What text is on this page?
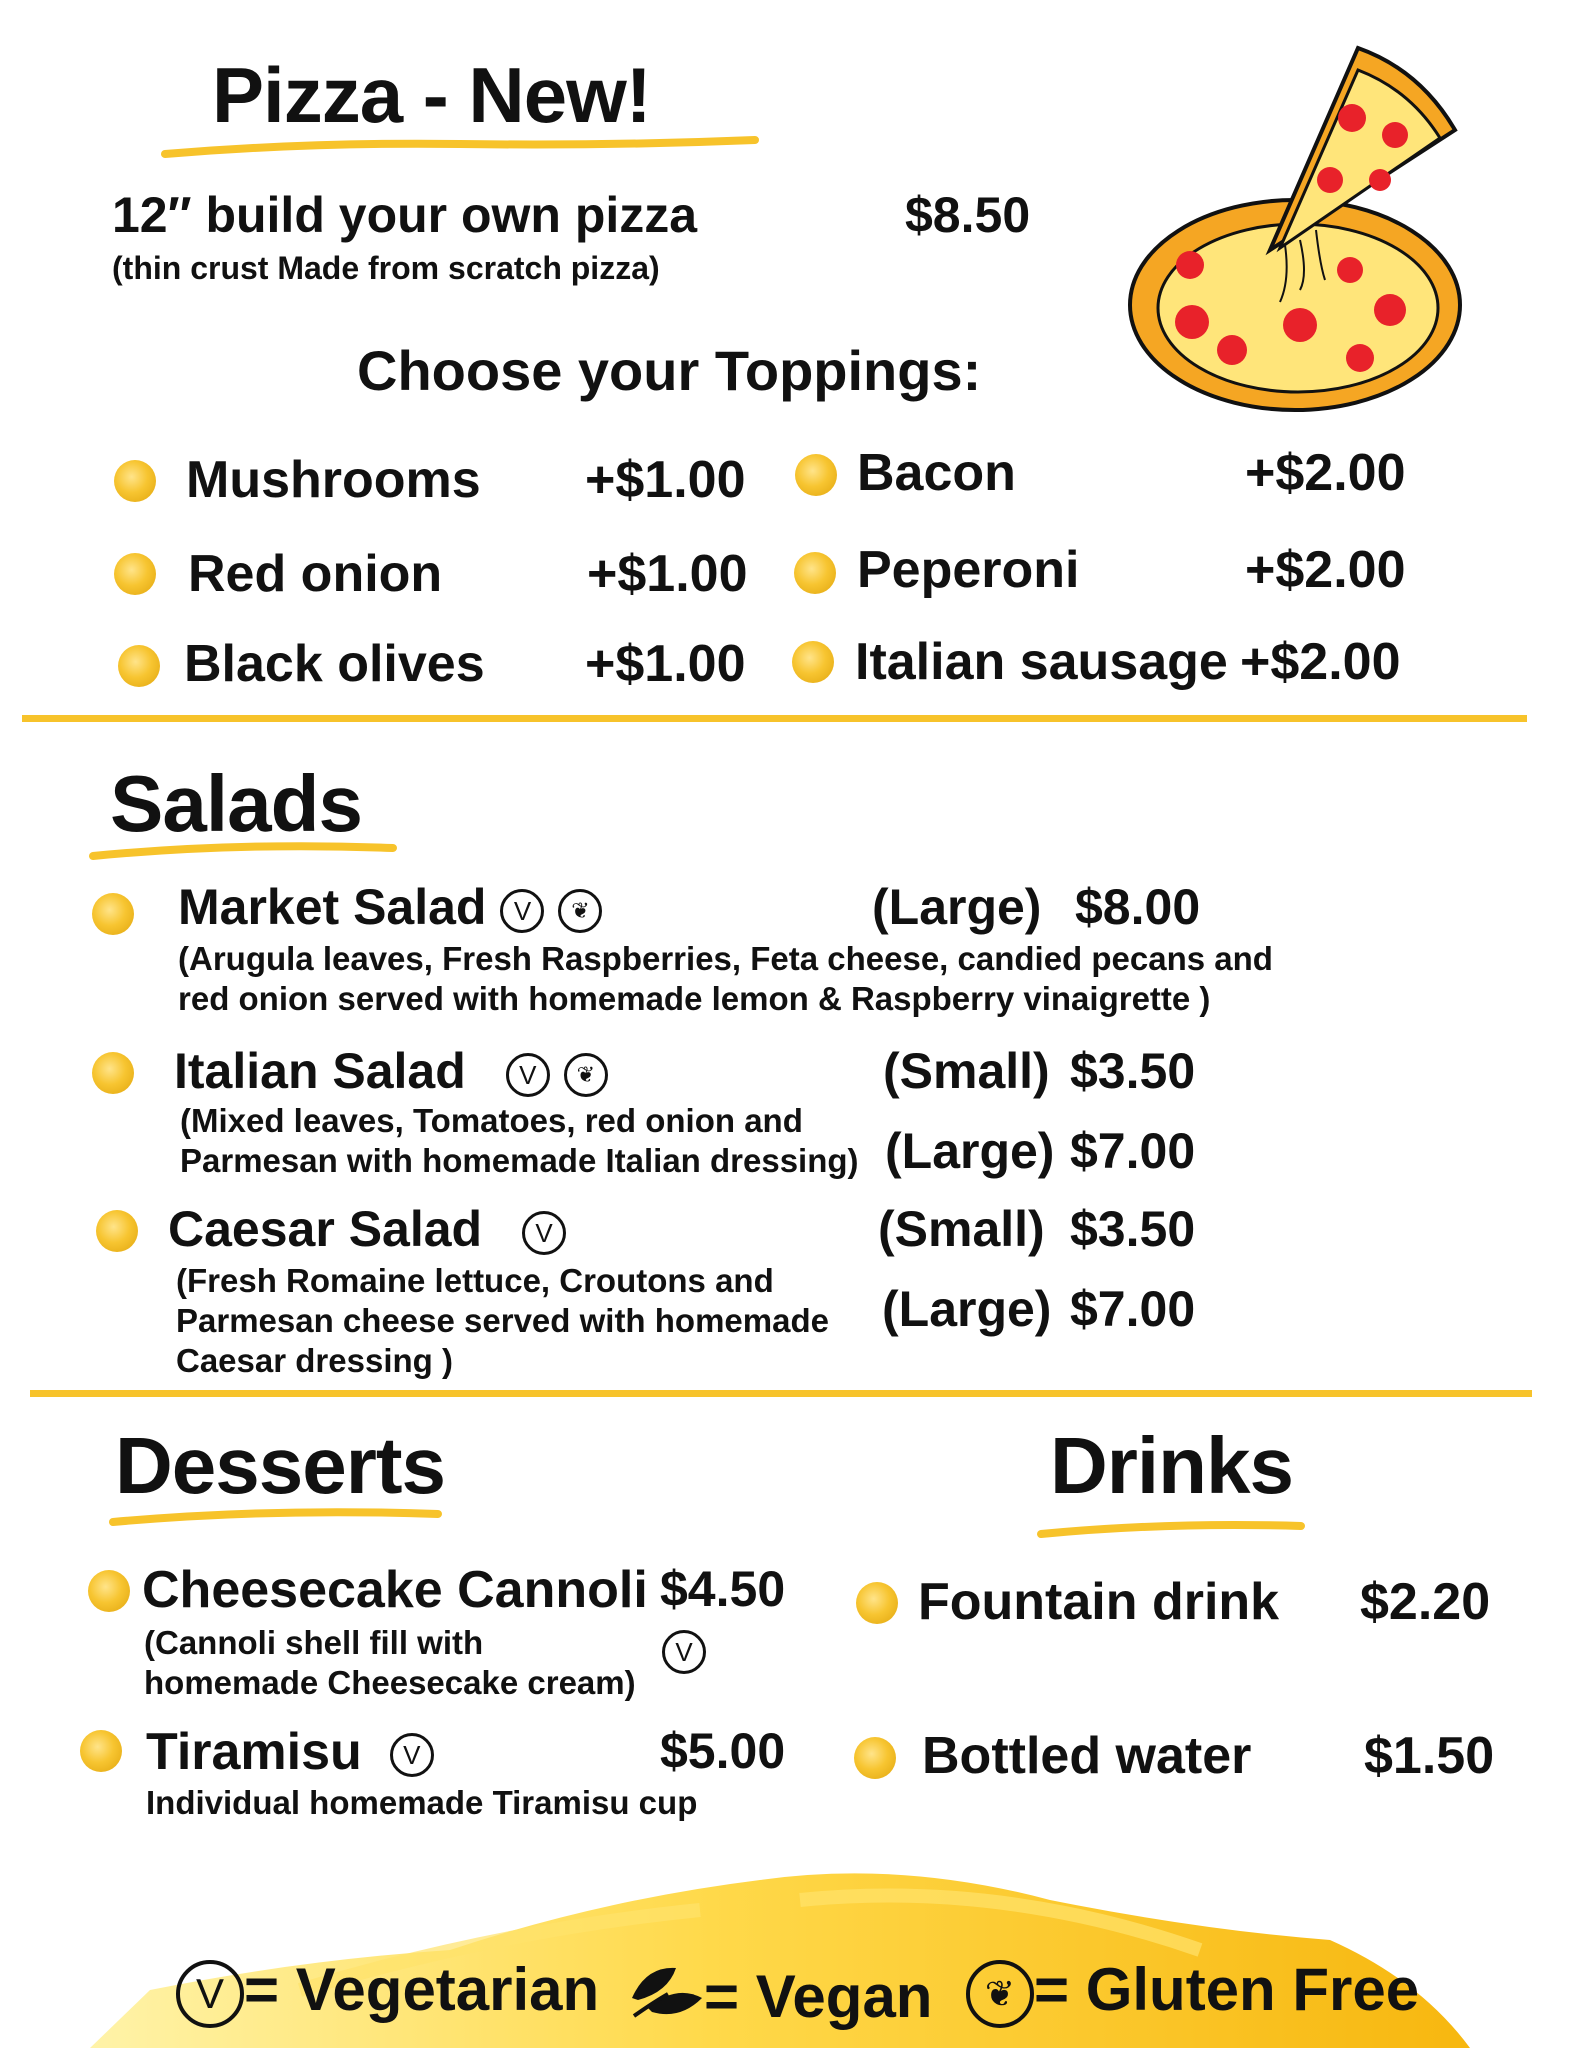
Pizza - New!
12″ build your own pizza	$8.50
(thin crust Made from scratch pizza)
Choose your Toppings:
Mushrooms +$1.00
Red onion	+$1.00
Black olives +$1.00
Bacon	+$2.00
Peperoni	+$2.00
Italian sausage +$2.00
Salads
Market Salad V ❦	(Large) $8.00
(Arugula leaves, Fresh Raspberries, Feta cheese, candied pecans and
red onion served with homemade lemon & Raspberry vinaigrette )
Italian Salad V ❦	(Small) $3.50
(Mixed leaves, Tomatoes, red onion and
Parmesan with homemade Italian dressing) (Large) $7.00
Caesar Salad V	(Small) $3.50
(Fresh Romaine lettuce, Croutons and
Parmesan cheese served with homemade
Caesar dressing )
(Large) $7.00
Desserts
Cheesecake Cannoli $4.50
(Cannoli shell fill with
homemade Cheesecake cream)
V
Tiramisu V	$5.00
Individual homemade Tiramisu cup
Drinks
Fountain drink $2.20
Bottled water $1.50
V = Vegetarian = Vegan	❦ = Gluten Free
